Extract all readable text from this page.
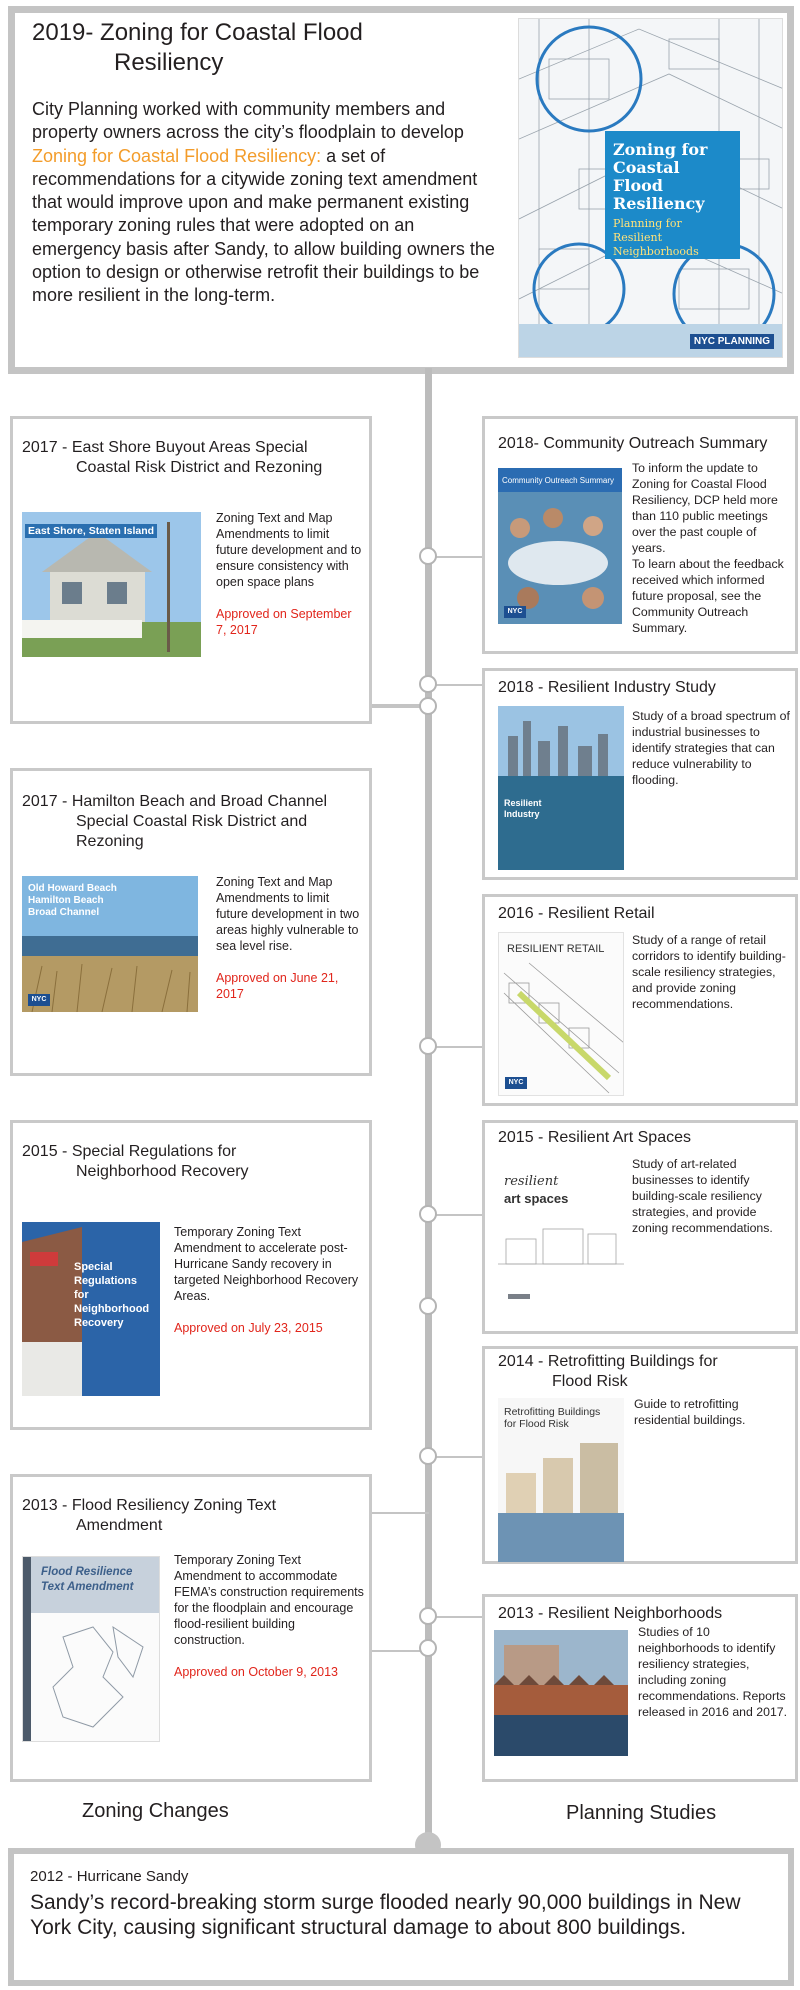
2019- Zoning for Coastal Flood
Resiliency
City Planning worked with community members and property owners across the city’s floodplain to develop Zoning for Coastal Flood Resiliency: a set of recommendations for a citywide zoning text amendment that would improve upon and make permanent existing temporary zoning rules that were adopted on an emergency basis after Sandy, to allow building owners the option to design or otherwise retrofit their buildings to be more resilient in the long-term.
Zoning for Coastal Flood Resiliency
Planning for Resilient Neighborhoods
NYC PLANNING
2017 - East Shore Buyout Areas Special
Coastal Risk District and Rezoning
East Shore, Staten Island
Zoning Text and Map Amendments to limit future development and to ensure consistency with open space plans
Approved on September 7, 2017
2017 - Hamilton Beach and Broad Channel
Special Coastal Risk District and Rezoning
Old Howard Beach Hamilton Beach Broad Channel
NYC
Zoning Text and Map Amendments to limit future development in two areas highly vulnerable to sea level rise.
Approved on June 21, 2017
2015 - Special Regulations for
Neighborhood Recovery
Special Regulations for Neighborhood Recovery
Temporary Zoning Text Amendment to accelerate post-Hurricane Sandy recovery in targeted Neighborhood Recovery Areas.
Approved on July 23, 2015
2013 - Flood Resiliency Zoning Text
Amendment
Flood Resilience Text Amendment
Temporary Zoning Text Amendment to accommodate FEMA’s construction requirements for the floodplain and encourage flood-resilient building construction.
Approved on October 9, 2013
2018- Community Outreach Summary
Community Outreach Summary
NYC
To inform the update to Zoning for Coastal Flood Resiliency, DCP held more than 110 public meetings over the past couple of years.
To learn about the feedback received which informed future proposal, see the Community Outreach Summary.
2018 - Resilient Industry Study
Resilient Industry
Study of a broad spectrum of industrial businesses to identify strategies that can reduce vulnerability to flooding.
2016 - Resilient Retail
RESILIENT RETAIL
NYC
Study of a range of retail corridors to identify building-scale resiliency strategies, and provide zoning recommendations.
2015 - Resilient Art Spaces
resilient
art spaces
Study of art-related businesses to identify building-scale resiliency strategies, and provide zoning recommendations.
2014 - Retrofitting Buildings for
Flood Risk
Retrofitting Buildings for Flood Risk
Guide to retrofitting residential buildings.
2013 - Resilient Neighborhoods
Studies of 10 neighborhoods to identify resiliency strategies, including zoning recommendations. Reports released in 2016 and 2017.
Zoning Changes	Planning Studies
2012 - Hurricane Sandy
Sandy’s record-breaking storm surge flooded nearly 90,000 buildings in New York City, causing significant structural damage to about 800 buildings.
